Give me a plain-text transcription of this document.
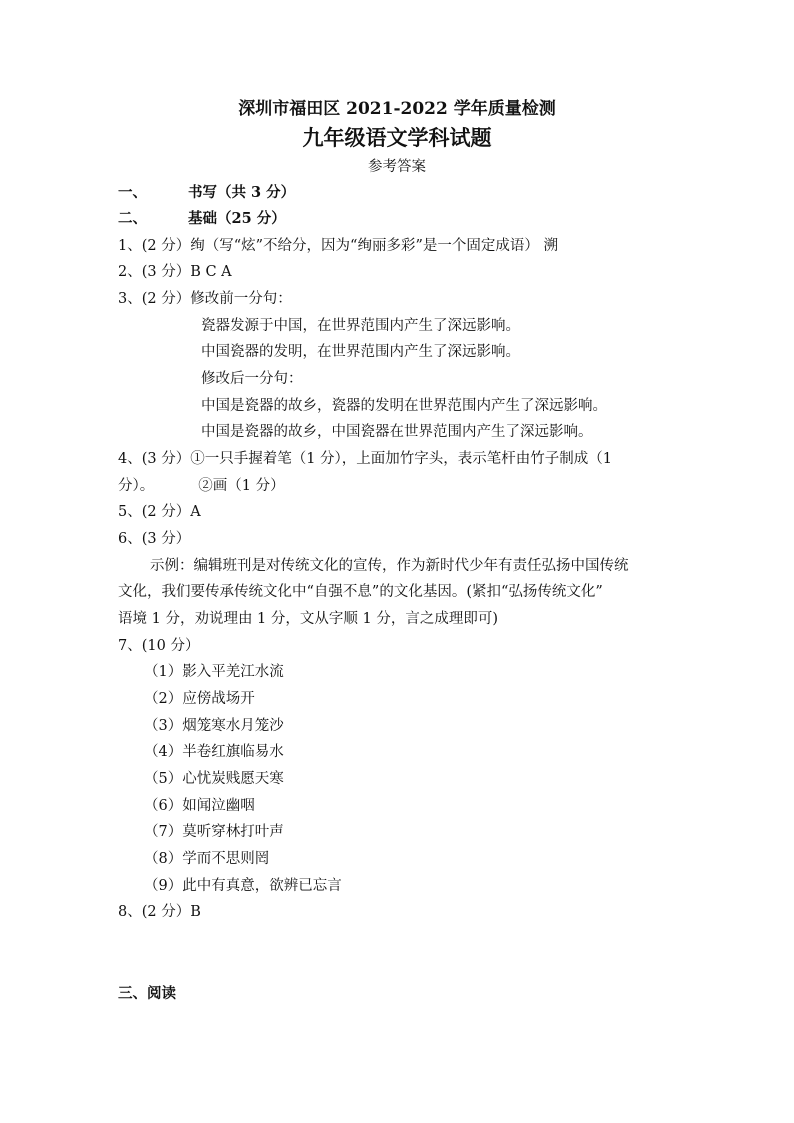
深圳市福田区 2021-2022 学年质量检测
九年级语文学科试题
参考答案
一、	书写（共 3 分）
二、	基础（25 分）
1、(2 分）绚（写“炫”不给分，因为“绚丽多彩”是一个固定成语） 溯
2、(3 分）B C A
3、(2 分）修改前一分句：
瓷器发源于中国，在世界范围内产生了深远影响。
中国瓷器的发明，在世界范围内产生了深远影响。
修改后一分句：
中国是瓷器的故乡，瓷器的发明在世界范围内产生了深远影响。
中国是瓷器的故乡，中国瓷器在世界范围内产生了深远影响。
4、(3 分）①一只手握着笔（1 分），上面加竹字头，表示笔杆由竹子制成（1
分）。	②画（1 分）
5、(2 分）A
6、(3 分）
示例：编辑班刊是对传统文化的宣传，作为新时代少年有责任弘扬中国传统
文化，我们要传承传统文化中“自强不息”的文化基因。(紧扣“弘扬传统文化”
语境 1 分，劝说理由 1 分，文从字顺 1 分，言之成理即可)
7、(10 分）
（1）影入平羌江水流
（2）应傍战场开
（3）烟笼寒水月笼沙
（4）半卷红旗临易水
（5）心忧炭贱愿天寒
（6）如闻泣幽咽
（7）莫听穿林打叶声
（8）学而不思则罔
（9）此中有真意，欲辨已忘言
8、(2 分）B
三、阅读
